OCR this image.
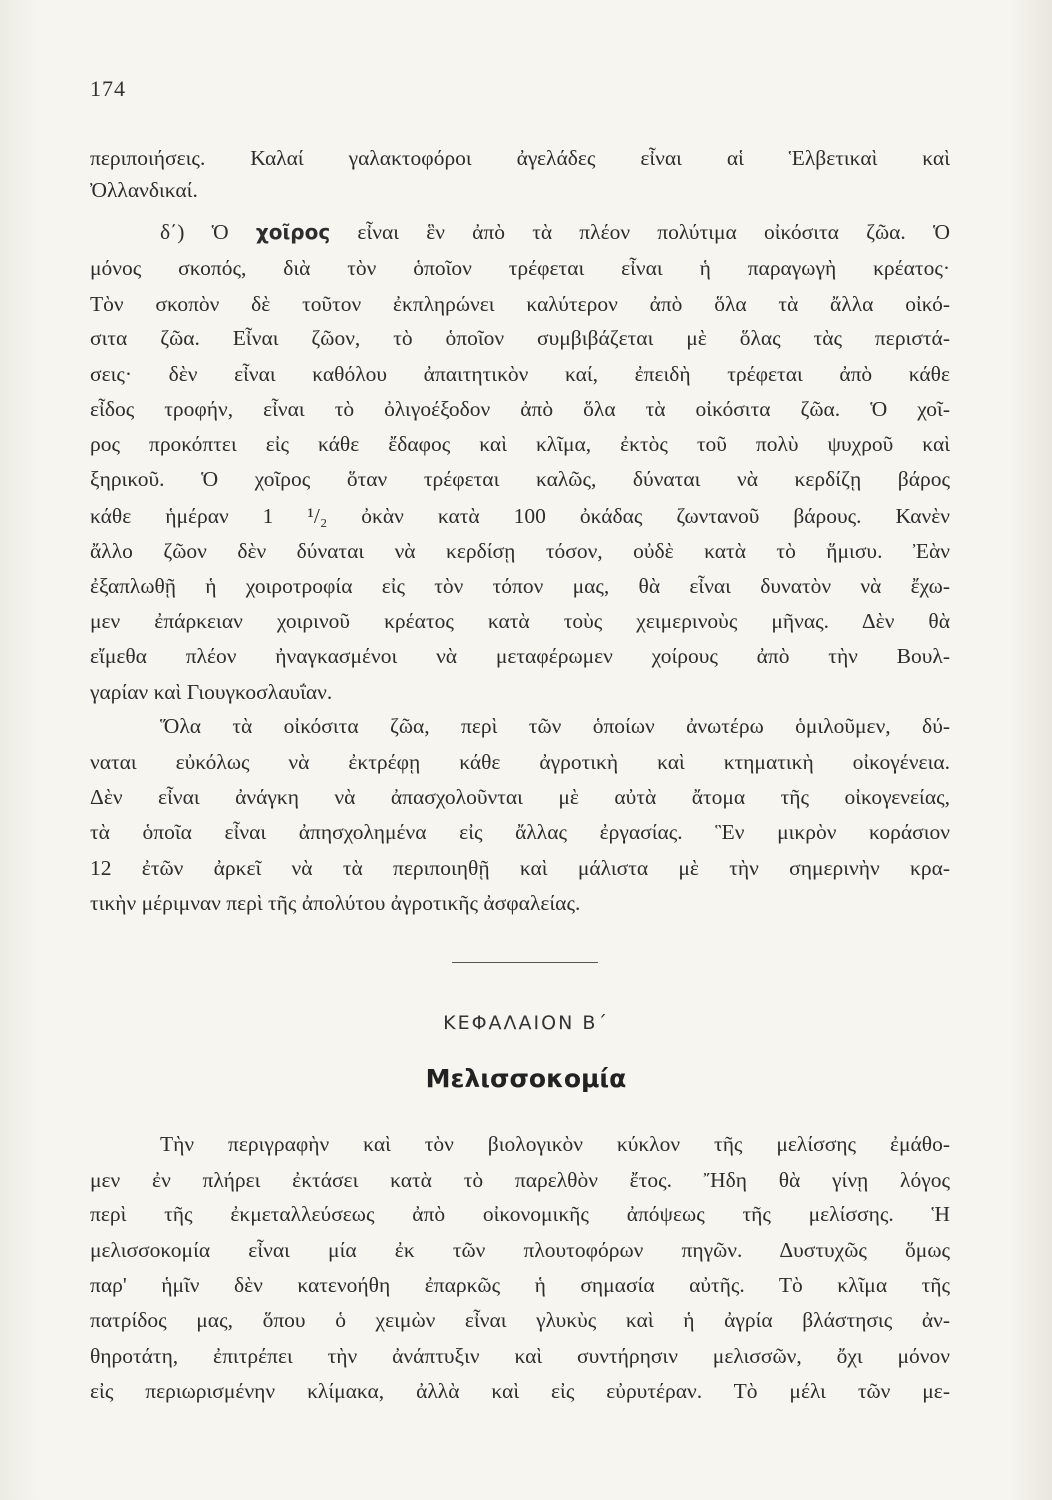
174
περιποιήσεις. Καλαί γαλακτοφόροι ἀγελάδες εἶναι αἱ Ἑλβετικαὶ καὶ
Ὀλλανδικαί.
δ΄) Ὁ χοῖρος εἶναι ἓν ἀπὸ τὰ πλέον πολύτιμα οἰκόσιτα ζῶα. Ὁ
μόνος σκοπός, διὰ τὸν ὁποῖον τρέφεται εἶναι ἡ παραγωγὴ κρέατος·
Τὸν σκοπὸν δὲ τοῦτον ἐκπληρώνει καλύτερον ἀπὸ ὅλα τὰ ἄλλα οἰκό-
σιτα ζῶα. Εἶναι ζῶον, τὸ ὁποῖον συμβιβάζεται μὲ ὅλας τὰς περιστά-
σεις· δὲν εἶναι καθόλου ἀπαιτητικὸν καί, ἐπειδὴ τρέφεται ἀπὸ κάθε
εἶδος τροφήν, εἶναι τὸ ὀλιγοέξοδον ἀπὸ ὅλα τὰ οἰκόσιτα ζῶα. Ὁ χοῖ-
ρος προκόπτει εἰς κάθε ἔδαφος καὶ κλῖμα, ἐκτὸς τοῦ πολὺ ψυχροῦ καὶ
ξηρικοῦ. Ὁ χοῖρος ὅταν τρέφεται καλῶς, δύναται νὰ κερδίζῃ βάρος
κάθε ἡμέραν 1 ¹/₂ ὀκὰν κατὰ 100 ὀκάδας ζωντανοῦ βάρους. Κανὲν
ἄλλο ζῶον δὲν δύναται νὰ κερδίσῃ τόσον, οὐδὲ κατὰ τὸ ἥμισυ. Ἐὰν
ἐξαπλωθῇ ἡ χοιροτροφία εἰς τὸν τόπον μας, θὰ εἶναι δυνατὸν νὰ ἔχω-
μεν ἐπάρκειαν χοιρινοῦ κρέατος κατὰ τοὺς χειμερινοὺς μῆνας. Δὲν θὰ
εἴμεθα πλέον ἠναγκασμένοι νὰ μεταφέρωμεν χοίρους ἀπὸ τὴν Βουλ-
γαρίαν καὶ Γιουγκοσλαυΐαν.
Ὅλα τὰ οἰκόσιτα ζῶα, περὶ τῶν ὁποίων ἀνωτέρω ὁμιλοῦμεν, δύ-
ναται εὐκόλως νὰ ἐκτρέφῃ κάθε ἀγροτικὴ καὶ κτηματικὴ οἰκογένεια.
Δὲν εἶναι ἀνάγκη νὰ ἀπασχολοῦνται μὲ αὐτὰ ἄτομα τῆς οἰκογενείας,
τὰ ὁποῖα εἶναι ἀπησχολημένα εἰς ἄλλας ἐργασίας. Ἓν μικρὸν κοράσιον
12 ἐτῶν ἀρκεῖ νὰ τὰ περιποιηθῇ καὶ μάλιστα μὲ τὴν σημερινὴν κρα-
τικὴν μέριμναν περὶ τῆς ἀπολύτου ἀγροτικῆς ἀσφαλείας.
ΚΕΦΑΛΑΙΟΝ Β΄
Μελισσοκομία
Τὴν περιγραφὴν καὶ τὸν βιολογικὸν κύκλον τῆς μελίσσης ἐμάθο-
μεν ἐν πλήρει ἐκτάσει κατὰ τὸ παρελθὸν ἔτος. Ἤδη θὰ γίνῃ λόγος
περὶ τῆς ἐκμεταλλεύσεως ἀπὸ οἰκονομικῆς ἀπόψεως τῆς μελίσσης. Ἡ
μελισσοκομία εἶναι μία ἐκ τῶν πλουτοφόρων πηγῶν. Δυστυχῶς ὅμως
παρ' ἡμῖν δὲν κατενοήθη ἐπαρκῶς ἡ σημασία αὐτῆς. Τὸ κλῖμα τῆς
πατρίδος μας, ὅπου ὁ χειμὼν εἶναι γλυκὺς καὶ ἡ ἀγρία βλάστησις ἀν-
θηροτάτη, ἐπιτρέπει τὴν ἀνάπτυξιν καὶ συντήρησιν μελισσῶν, ὄχι μόνον
εἰς περιωρισμένην κλίμακα, ἀλλὰ καὶ εἰς εὐρυτέραν. Τὸ μέλι τῶν με-
